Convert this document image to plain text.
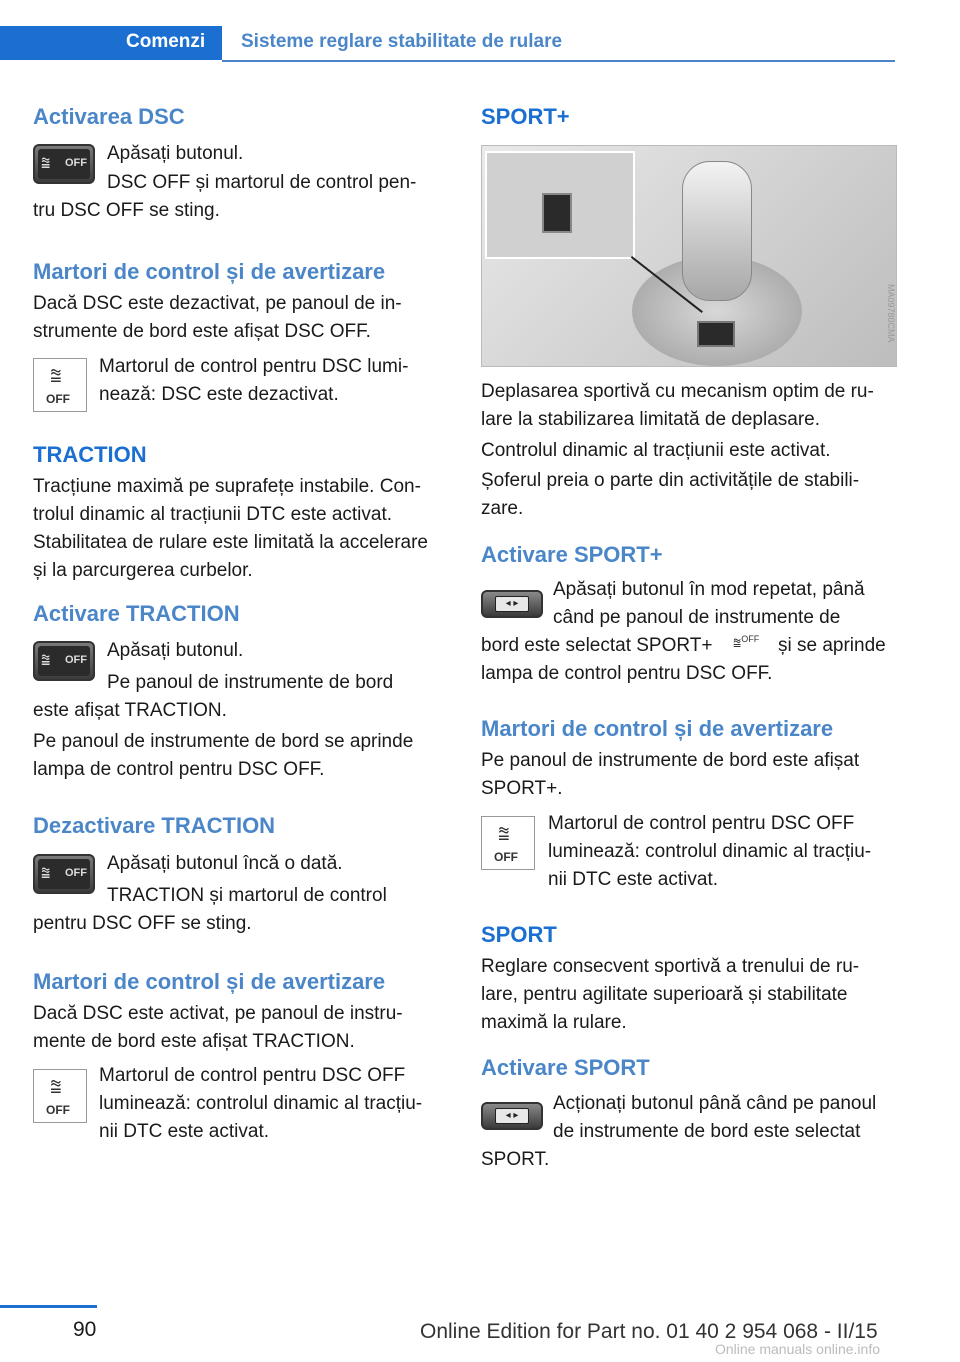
Comenzi Sisteme reglare stabilitate de rulare
Activarea DSC
⩰ OFF Apăsați butonul.

DSC OFF și martorul de control pen‐

tru DSC OFF se sting.

Martori de control și de avertizare

Dacă DSC este dezactivat, pe panoul de in‐

strumente de bord este afișat DSC OFF.

⩰
OFF

Martorul de control pentru DSC lumi‐

nează: DSC este dezactivat.

TRACTION

Tracțiune maximă pe suprafețe instabile. Con‐

trolul dinamic al tracțiunii DTC este activat.

Stabilitatea de rulare este limitată la accelerare

și la parcurgerea curbelor.

Activare TRACTION
⩰ OFF Apăsați butonul.

Pe panoul de instrumente de bord

este afișat TRACTION.

Pe panoul de instrumente de bord se aprinde

lampa de control pentru DSC OFF.

Dezactivare TRACTION
⩰ OFF Apăsați butonul încă o dată.

TRACTION și martorul de control

pentru DSC OFF se sting.

Martori de control și de avertizare

Dacă DSC este activat, pe panoul de instru‐

mente de bord este afișat TRACTION.

⩰
OFF

Martorul de control pentru DSC OFF

luminează: controlul dinamic al tracțiu‐

nii DTC este activat.

SPORT+
MA09780CMA

Deplasarea sportivă cu mecanism optim de ru‐

lare la stabilizarea limitată de deplasare.

Controlul dinamic al tracțiunii este activat.

Șoferul preia o parte din activitățile de stabili‐

zare.

Activare SPORT+
◂ ▸

Apăsați butonul în mod repetat, până

când pe panoul de instrumente de

bord este selectat SPORT+ ⩰$^{OFF}$ și se aprinde

lampa de control pentru DSC OFF.

Martori de control și de avertizare

Pe panoul de instrumente de bord este afișat

SPORT+.

⩰
OFF

Martorul de control pentru DSC OFF

luminează: controlul dinamic al tracțiu‐

nii DTC este activat.

SPORT

Reglare consecvent sportivă a trenului de ru‐

lare, pentru agilitate superioară și stabilitate

maximă la rulare.

Activare SPORT
◂ ▸

Acționați butonul până când pe panoul

de instrumente de bord este selectat

SPORT.

90	Online Edition for Part no. 01 40 2 954 068 - II/15
Online manuals online.info
